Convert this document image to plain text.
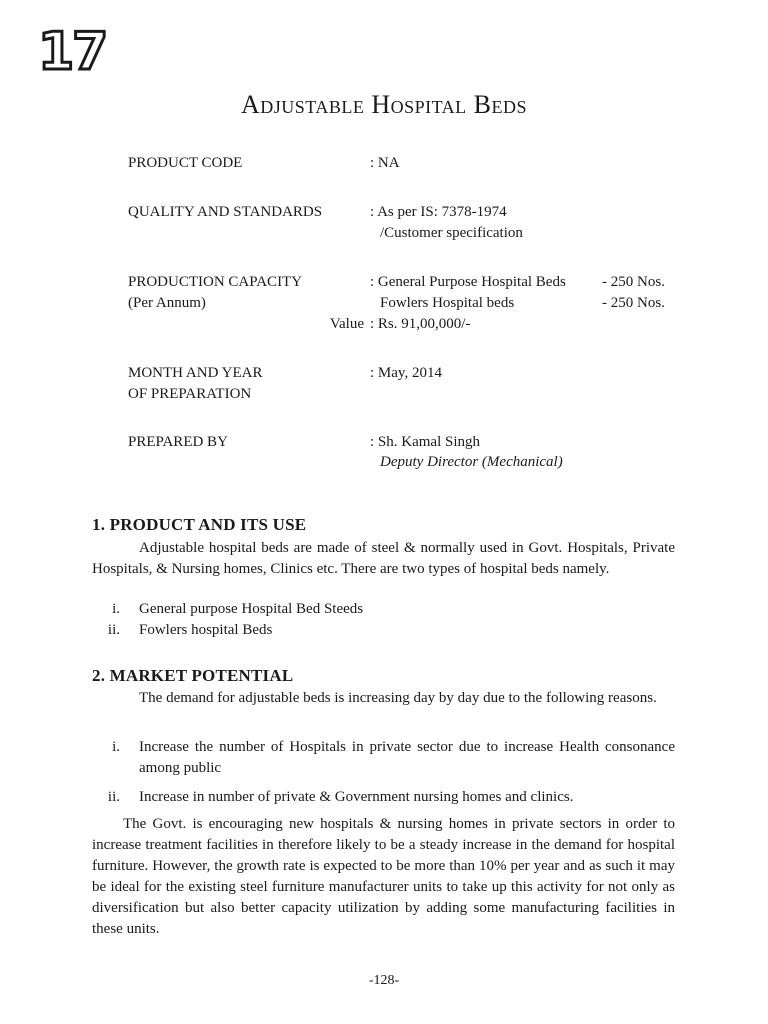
17
Adjustable Hospital Beds
PRODUCT CODE	: NA
QUALITY AND STANDARDS	: As per IS: 7378-1974
/Customer specification
PRODUCTION CAPACITY	: General Purpose Hospital Beds - 250 Nos.
(Per Annum)	Fowlers Hospital beds	- 250 Nos.
Value : Rs. 91,00,000/-
MONTH AND YEAR	: May, 2014
OF PREPARATION
PREPARED BY	: Sh. Kamal Singh
Deputy Director (Mechanical)
1. PRODUCT AND ITS USE
Adjustable hospital beds are made of steel & normally used in Govt. Hospitals, Private Hospitals, & Nursing homes, Clinics etc. There are two types of hospital beds namely.
i. General purpose Hospital Bed Steeds
ii. Fowlers hospital Beds
2. MARKET POTENTIAL
The demand for adjustable beds is increasing day by day due to the following reasons.
i. Increase the number of Hospitals in private sector due to increase Health consonance among public
ii. Increase in number of private & Government nursing homes and clinics.
The Govt. is encouraging new hospitals & nursing homes in private sectors in order to increase treatment facilities in therefore likely to be a steady increase in the demand for hospital furniture. However, the growth rate is expected to be more than 10% per year and as such it may be ideal for the existing steel furniture manufacturer units to take up this activity for not only as diversification but also better capacity utilization by adding some manufacturing facilities in these units.
-128-
